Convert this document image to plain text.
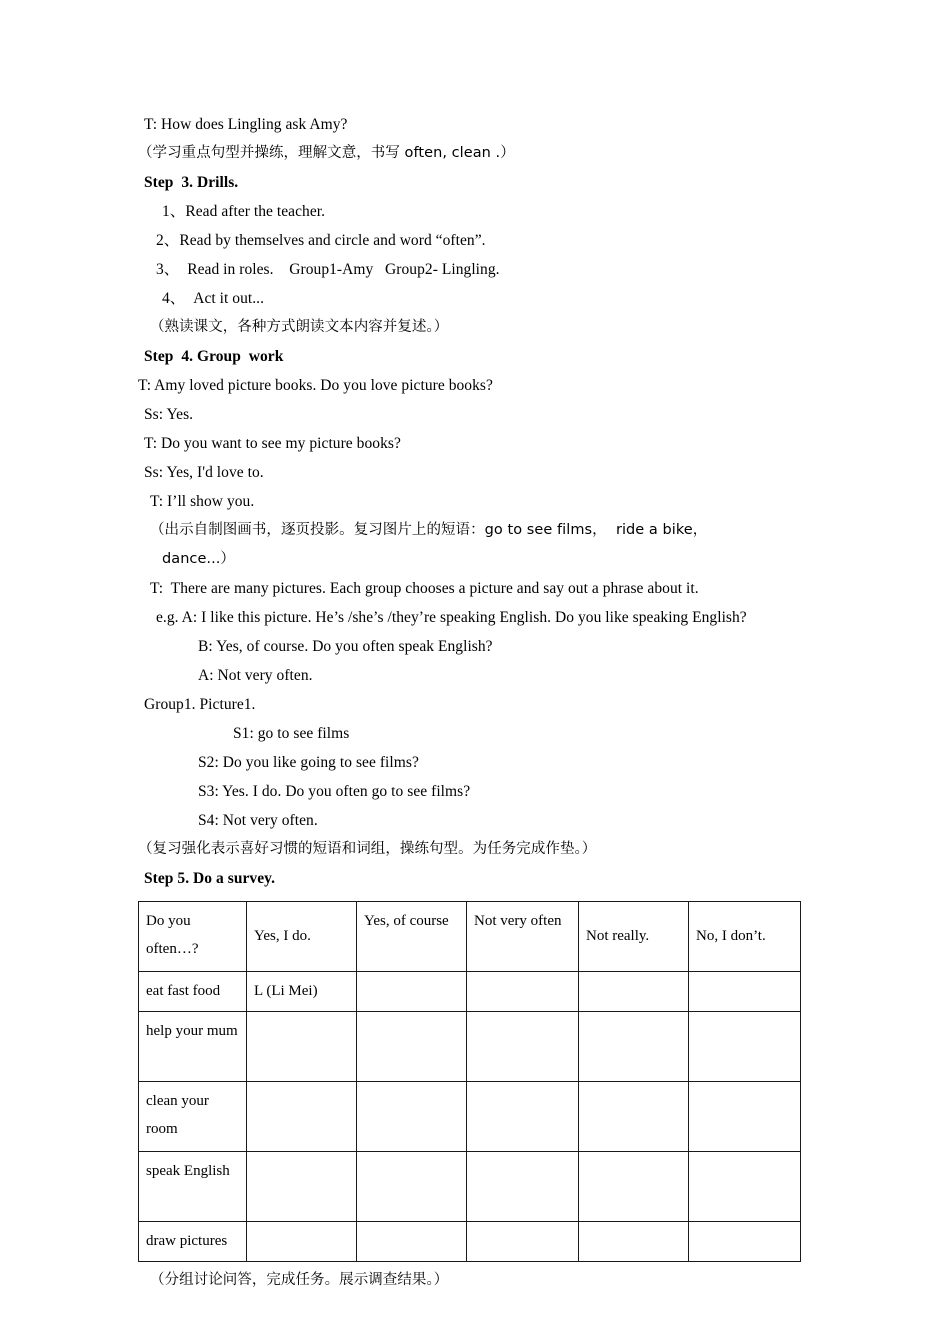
T: How does Lingling ask Amy?
（学习重点句型并操练，理解文意，书写 often, clean .）
Step  3. Drills.
1、Read after the teacher.
2、Read by themselves and circle and word “often”.
3、  Read in roles.    Group1-Amy   Group2- Lingling.
4、  Act it out...
（熟读课文，各种方式朗读文本内容并复述。）
Step  4. Group  work
T: Amy loved picture books. Do you love picture books?
Ss: Yes.
T: Do you want to see my picture books?
Ss: Yes, I'd love to.
T: I’ll show you.
（出示自制图画书，逐页投影。复习图片上的短语：go to see films，  ride a bike，
dance...）
T:  There are many pictures. Each group chooses a picture and say out a phrase about it.
e.g. A: I like this picture. He’s /she’s /they’re speaking English. Do you like speaking English?
B: Yes, of course. Do you often speak English?
A: Not very often.
Group1. Picture1.
S1: go to see films
S2: Do you like going to see films?
S3: Yes. I do. Do you often go to see films?
S4: Not very often.
（复习强化表示喜好习惯的短语和词组，操练句型。为任务完成作垫。）
Step 5. Do a survey.
Do you often…?	Yes, I do.	Yes, of course	Not very often	Not really.	No, I don’t.
eat fast food	L (Li Mei)				
help your mum					
clean your room					
speak English					
draw pictures					
（分组讨论问答，完成任务。展示调查结果。）
